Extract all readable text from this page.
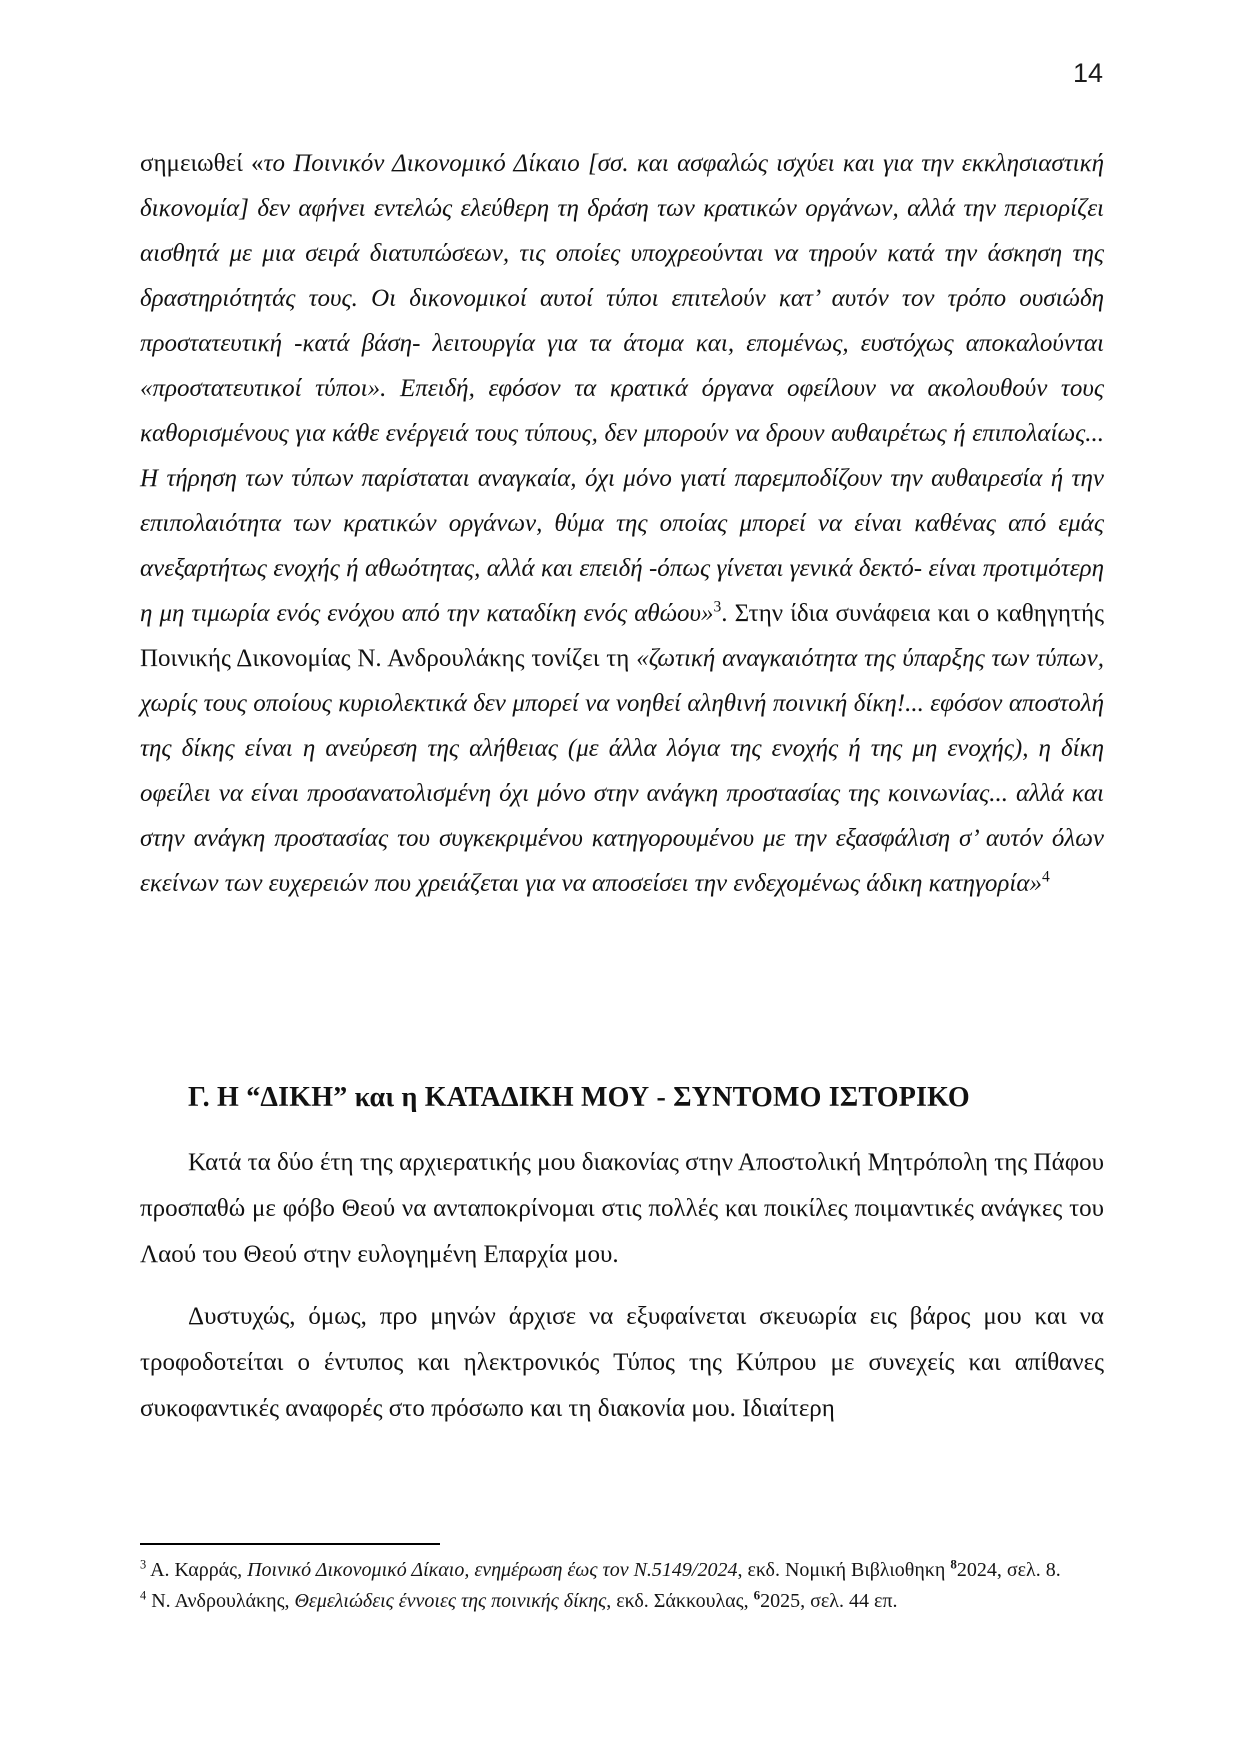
14

σημειωθεί «το Ποινικόν Δικονομικό Δίκαιο [σσ. και ασφαλώς ισχύει και για την εκκλησιαστική δικονομία] δεν αφήνει εντελώς ελεύθερη τη δράση των κρατικών οργάνων, αλλά την περιορίζει αισθητά με μια σειρά διατυπώσεων, τις οποίες υποχρεούνται να τηρούν κατά την άσκηση της δραστηριότητάς τους. Οι δικονομικοί αυτοί τύποι επιτελούν κατ’ αυτόν τον τρόπο ουσιώδη προστατευτική -κατά βάση- λειτουργία για τα άτομα και, επομένως, ευστόχως αποκαλούνται «προστατευτικοί τύποι». Επειδή, εφόσον τα κρατικά όργανα οφείλουν να ακολουθούν τους καθορισμένους για κάθε ενέργειά τους τύπους, δεν μπορούν να δρουν αυθαιρέτως ή επιπολαίως... Η τήρηση των τύπων παρίσταται αναγκαία, όχι μόνο γιατί παρεμποδίζουν την αυθαιρεσία ή την επιπολαιότητα των κρατικών οργάνων, θύμα της οποίας μπορεί να είναι καθένας από εμάς ανεξαρτήτως ενοχής ή αθωότητας, αλλά και επειδή -όπως γίνεται γενικά δεκτό- είναι προτιμότερη η μη τιμωρία ενός ενόχου από την καταδίκη ενός αθώου»$^3$. Στην ίδια συνάφεια και ο καθηγητής Ποινικής Δικονομίας Ν. Ανδρουλάκης τονίζει τη «ζωτική αναγκαιότητα της ύπαρξης των τύπων, χωρίς τους οποίους κυριολεκτικά δεν μπορεί να νοηθεί αληθινή ποινική δίκη!... εφόσον αποστολή της δίκης είναι η ανεύρεση της αλήθειας (με άλλα λόγια της ενοχής ή της μη ενοχής), η δίκη οφείλει να είναι προσανατολισμένη όχι μόνο στην ανάγκη προστασίας της κοινωνίας... αλλά και στην ανάγκη προστασίας του συγκεκριμένου κατηγορουμένου με την εξασφάλιση σ’ αυτόν όλων εκείνων των ευχερειών που χρειάζεται για να αποσείσει την ενδεχομένως άδικη κατηγορία»$^4$

Γ. Η “ΔΙΚΗ” και η ΚΑΤΑΔΙΚΗ ΜΟΥ - ΣΥΝΤΟΜΟ ΙΣΤΟΡΙΚΟ

Κατά τα δύο έτη της αρχιερατικής μου διακονίας στην Αποστολική Μητρόπολη της Πάφου προσπαθώ με φόβο Θεού να ανταποκρίνομαι στις πολλές και ποικίλες ποιμαντικές ανάγκες του Λαού του Θεού στην ευλογημένη Επαρχία μου.

Δυστυχώς, όμως, προ μηνών άρχισε να εξυφαίνεται σκευωρία εις βάρος μου και να τροφοδοτείται ο έντυπος και ηλεκτρονικός Τύπος της Κύπρου με συνεχείς και απίθανες συκοφαντικές αναφορές στο πρόσωπο και τη διακονία μου. Ιδιαίτερη

$^3$ Α. Καρράς, Ποινικό Δικονομικό Δίκαιο, ενημέρωση έως τον Ν.5149/2024, εκδ. Νομική Βιβλιοθηκη $^8$2024, σελ. 8.
$^4$ Ν. Ανδρουλάκης, Θεμελιώδεις έννοιες της ποινικής δίκης, εκδ. Σάκκουλας, $^6$2025, σελ. 44 επ.
